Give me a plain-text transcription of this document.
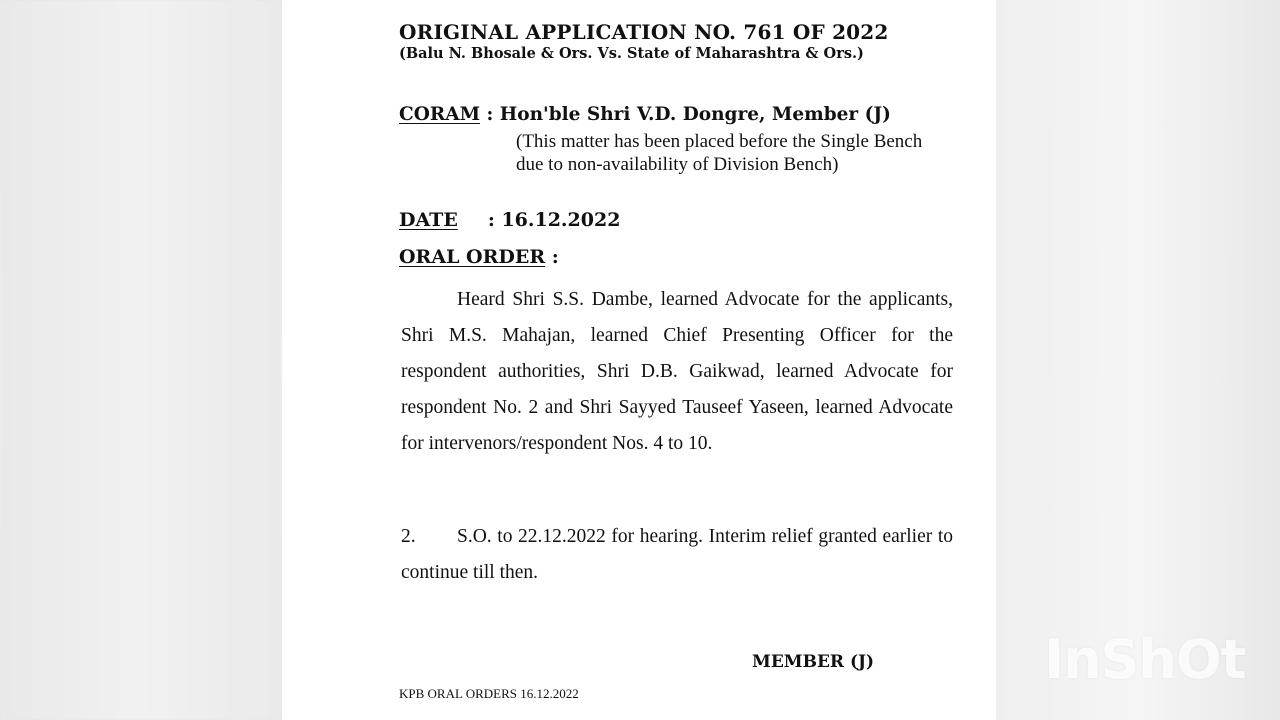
ORIGINAL APPLICATION NO. 761 OF 2022
(Balu N. Bhosale & Ors. Vs. State of Maharashtra & Ors.)
CORAM : Hon'ble Shri V.D. Dongre, Member (J)
(This matter has been placed before the Single Bench due to non-availability of Division Bench)
DATE : 16.12.2022
ORAL ORDER :
Heard Shri S.S. Dambe, learned Advocate for the applicants, Shri M.S. Mahajan, learned Chief Presenting Officer for the respondent authorities, Shri D.B. Gaikwad, learned Advocate for respondent No. 2 and Shri Sayyed Tauseef Yaseen, learned Advocate for intervenors/respondent Nos. 4 to 10.
2. S.O. to 22.12.2022 for hearing. Interim relief granted earlier to continue till then.
MEMBER (J)
KPB ORAL ORDERS 16.12.2022
InShOt
